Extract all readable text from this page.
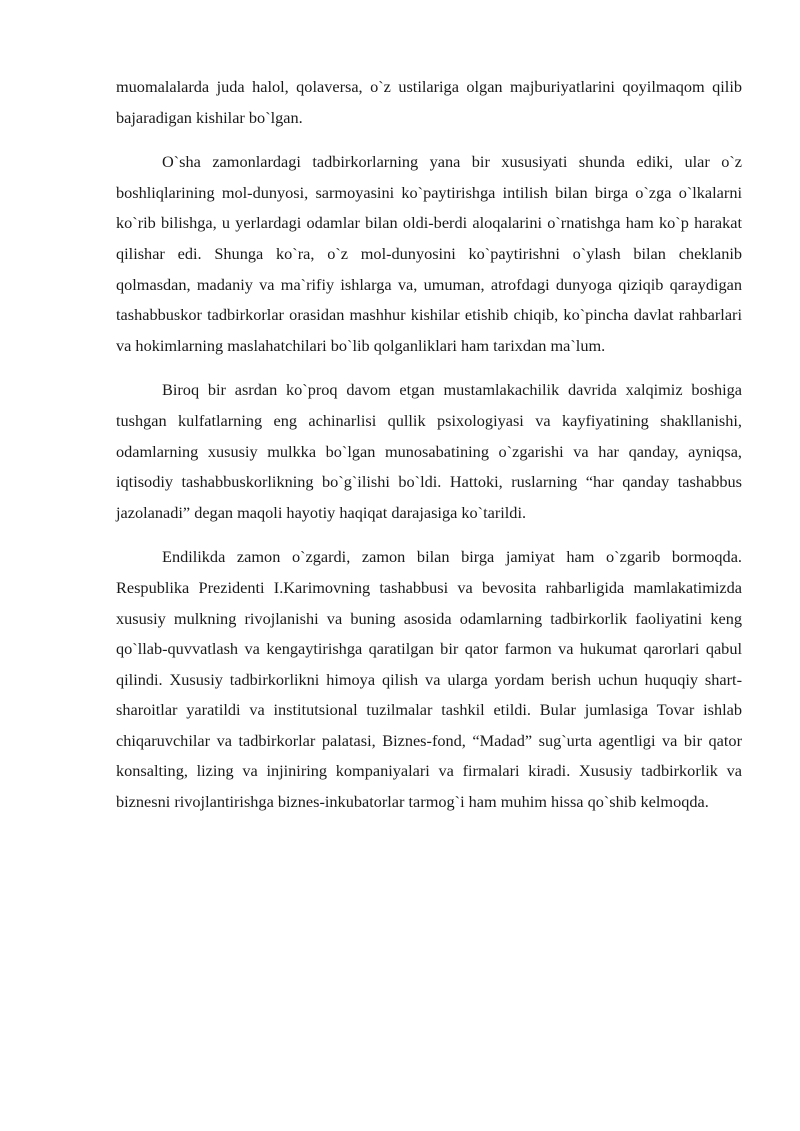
muomalalarda juda halol, qolaversa, o`z ustilariga olgan majburiyatlarini qoyilmaqom qilib bajaradigan kishilar bo`lgan.

O`sha zamonlardagi tadbirkorlarning yana bir xususiyati shunda ediki, ular o`z boshliqlarining mol-dunyosi, sarmoyasini ko`paytirishga intilish bilan birga o`zga o`lkalarni ko`rib bilishga, u yerlardagi odamlar bilan oldi-berdi aloqalarini o`rnatishga ham ko`p harakat qilishar edi. Shunga ko`ra, o`z mol-dunyosini ko`paytirishni o`ylash bilan cheklanib qolmasdan, madaniy va ma`rifiy ishlarga va, umuman, atrofdagi dunyoga qiziqib qaraydigan tashabbuskor tadbirkorlar orasidan mashhur kishilar etishib chiqib, ko`pincha davlat rahbarlari va hokimlarning maslahatchilari bo`lib qolganliklari ham tarixdan ma`lum.

Biroq bir asrdan ko`proq davom etgan mustamlakachilik davrida xalqimiz boshiga tushgan kulfatlarning eng achinarlisi qullik psixologiyasi va kayfiyatining shakllanishi, odamlarning xususiy mulkka bo`lgan munosabatining o`zgarishi va har qanday, ayniqsa, iqtisodiy tashabbuskorlikning bo`g`ilishi bo`ldi. Hattoki, ruslarning “har qanday tashabbus jazolanadi” degan maqoli hayotiy haqiqat darajasiga ko`tarildi.

Endilikda zamon o`zgardi, zamon bilan birga jamiyat ham o`zgarib bormoqda. Respublika Prezidenti I.Karimovning tashabbusi va bevosita rahbarligida mamlakatimizda xususiy mulkning rivojlanishi va buning asosida odamlarning tadbirkorlik faoliyatini keng qo`llab-quvvatlash va kengaytirishga qaratilgan bir qator farmon va hukumat qarorlari qabul qilindi. Xususiy tadbirkorlikni himoya qilish va ularga yordam berish uchun huquqiy shart-sharoitlar yaratildi va institutsional tuzilmalar tashkil etildi. Bular jumlasiga Tovar ishlab chiqaruvchilar va tadbirkorlar palatasi, Biznes-fond, “Madad” sug`urta agentligi va bir qator konsalting, lizing va injiniring kompaniyalari va firmalari kiradi. Xususiy tadbirkorlik va biznesni rivojlantirishga biznes-inkubatorlar tarmog`i ham muhim hissa qo`shib kelmoqda.
